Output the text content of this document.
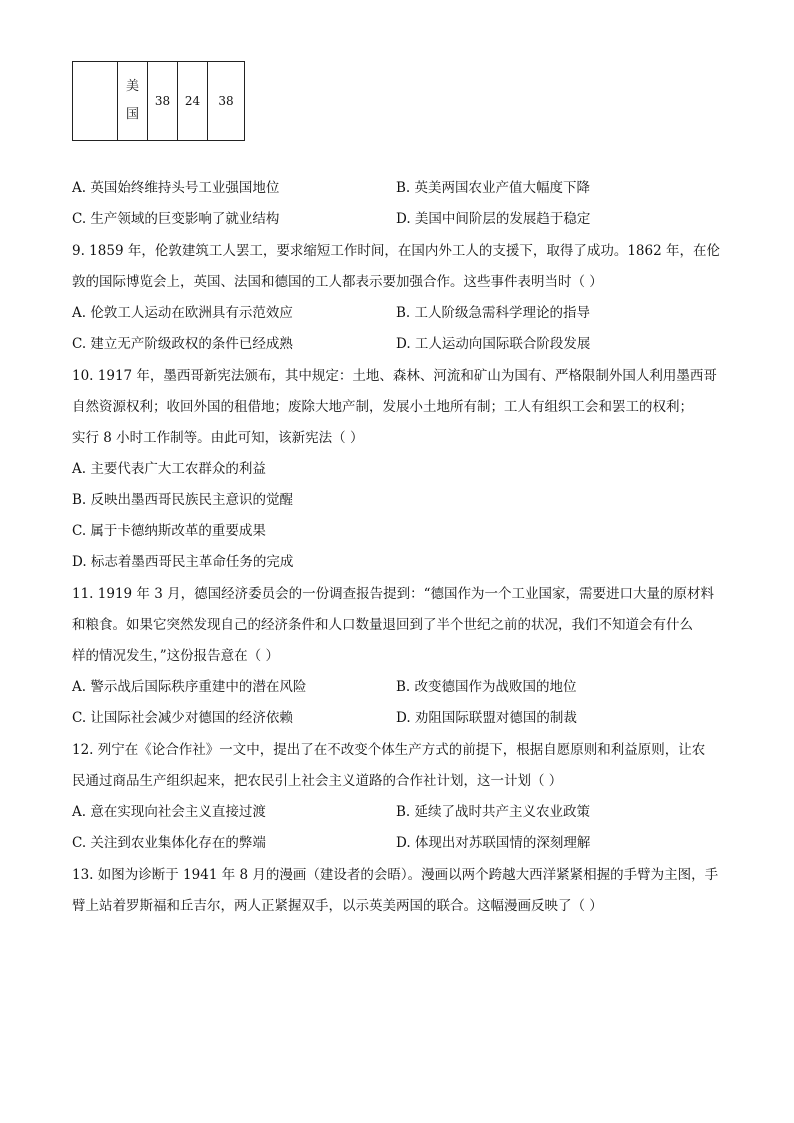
美
国
	38	24	38
A. 英国始终维持头号工业强国地位	B. 英美两国农业产值大幅度下降
C. 生产领域的巨变影响了就业结构	D. 美国中间阶层的发展趋于稳定
9. 1859 年，伦敦建筑工人罢工，要求缩短工作时间，在国内外工人的支援下，取得了成功。1862 年，在伦
敦的国际博览会上，英国、法国和德国的工人都表示要加强合作。这些事件表明当时（ ）
A. 伦敦工人运动在欧洲具有示范效应	B. 工人阶级急需科学理论的指导
C. 建立无产阶级政权的条件已经成熟	D. 工人运动向国际联合阶段发展
10. 1917 年，墨西哥新宪法颁布，其中规定：土地、森林、河流和矿山为国有、严格限制外国人利用墨西哥
自然资源权利；收回外国的租借地；废除大地产制，发展小土地所有制；工人有组织工会和罢工的权利；
实行 8 小时工作制等。由此可知，该新宪法（ ）
A. 主要代表广大工农群众的利益
B. 反映出墨西哥民族民主意识的觉醒
C. 属于卡德纳斯改革的重要成果
D. 标志着墨西哥民主革命任务的完成
11. 1919 年 3 月，德国经济委员会的一份调查报告提到：“德国作为一个工业国家，需要进口大量的原材料
和粮食。如果它突然发现自己的经济条件和人口数量退回到了半个世纪之前的状况，我们不知道会有什么
样的情况发生，”这份报告意在（ ）
A. 警示战后国际秩序重建中的潜在风险	B. 改变德国作为战败国的地位
C. 让国际社会减少对德国的经济依赖	D. 劝阻国际联盟对德国的制裁
12. 列宁在《论合作社》一文中，提出了在不改变个体生产方式的前提下，根据自愿原则和利益原则，让农
民通过商品生产组织起来，把农民引上社会主义道路的合作社计划，这一计划（ ）
A. 意在实现向社会主义直接过渡	B. 延续了战时共产主义农业政策
C. 关注到农业集体化存在的弊端	D. 体现出对苏联国情的深刻理解
13. 如图为诊断于 1941 年 8 月的漫画（建设者的会晤）。漫画以两个跨越大西洋紧紧相握的手臂为主图，手
臂上站着罗斯福和丘吉尔，两人正紧握双手，以示英美两国的联合。这幅漫画反映了（ ）
